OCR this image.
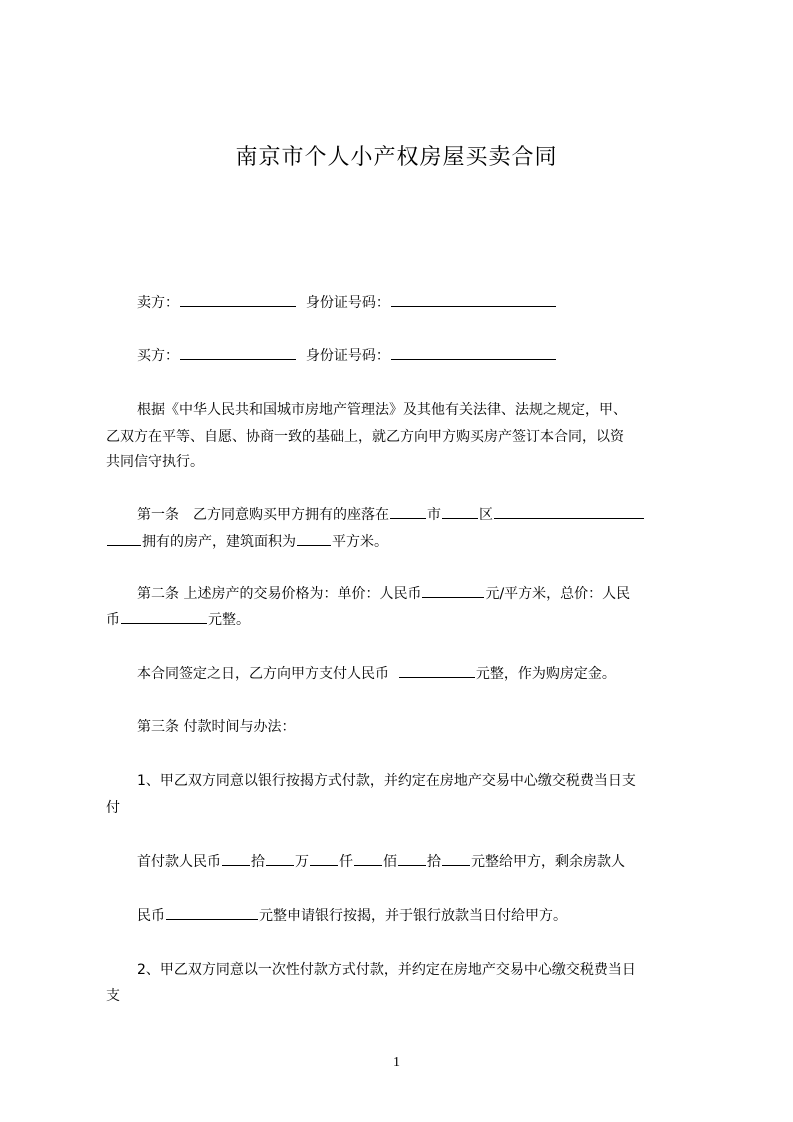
南京市个人小产权房屋买卖合同
卖方：	身份证号码：
买方：	身份证号码：
根据《中华人民共和国城市房地产管理法》及其他有关法律、法规之规定，甲、
乙双方在平等、自愿、协商一致的基础上，就乙方向甲方购买房产签订本合同，以资
共同信守执行。
第一条　乙方同意购买甲方拥有的座落在	市	区
拥有的房产，建筑面积为	平方米。
第二条 上述房产的交易价格为：单价：人民币	元/平方米，总价：人民
币	元整。
本合同签定之日，乙方向甲方支付人民币	元整，作为购房定金。
第三条 付款时间与办法：
1、甲乙双方同意以银行按揭方式付款，并约定在房地产交易中心缴交税费当日支
付
首付款人民币 拾 万 仟 佰 拾 元整给甲方，剩余房款人
民币	元整申请银行按揭，并于银行放款当日付给甲方。
2、甲乙双方同意以一次性付款方式付款，并约定在房地产交易中心缴交税费当日
支
1
